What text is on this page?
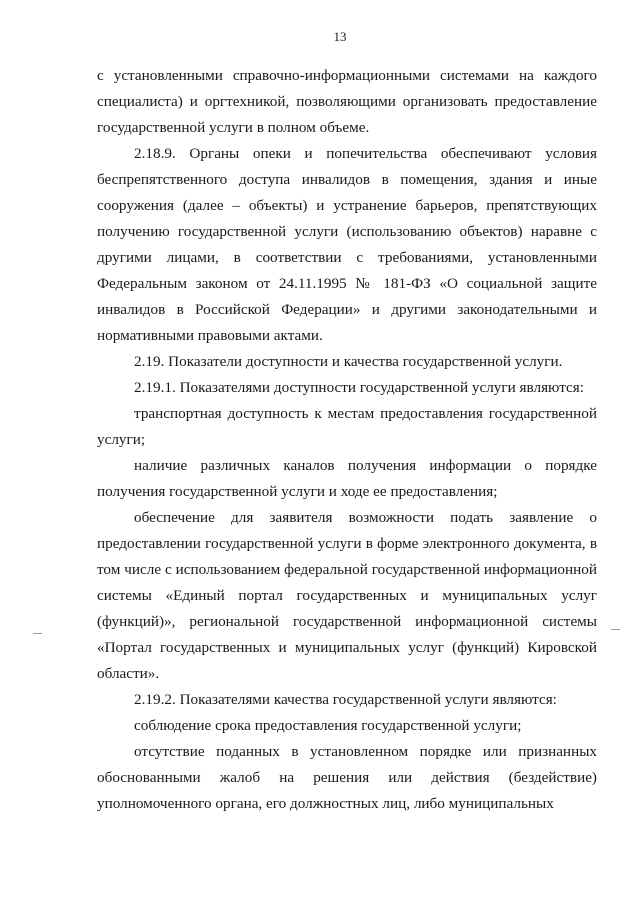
13

с установленными справочно-информационными системами на каждого специалиста) и оргтехникой, позволяющими организовать предоставление государственной услуги в полном объеме.

2.18.9. Органы опеки и попечительства обеспечивают условия беспрепятственного доступа инвалидов в помещения, здания и иные сооружения (далее – объекты) и устранение барьеров, препятствующих получению государственной услуги (использованию объектов) наравне с другими лицами, в соответствии с требованиями, установленными Федеральным законом от 24.11.1995 № 181-ФЗ «О социальной защите инвалидов в Российской Федерации» и другими законодательными и нормативными правовыми актами.

2.19. Показатели доступности и качества государственной услуги.

2.19.1. Показателями доступности государственной услуги являются:

транспортная доступность к местам предоставления государственной услуги;

наличие различных каналов получения информации о порядке получения государственной услуги и ходе ее предоставления;

обеспечение для заявителя возможности подать заявление о предоставлении государственной услуги в форме электронного документа, в том числе с использованием федеральной государственной информационной системы «Единый портал государственных и муниципальных услуг (функций)», региональной государственной информационной системы «Портал государственных и муниципальных услуг (функций) Кировской области».

2.19.2. Показателями качества государственной услуги являются:

соблюдение срока предоставления государственной услуги;

отсутствие поданных в установленном порядке или признанных обоснованными жалоб на решения или действия (бездействие) уполномоченного органа, его должностных лиц, либо муниципальных
